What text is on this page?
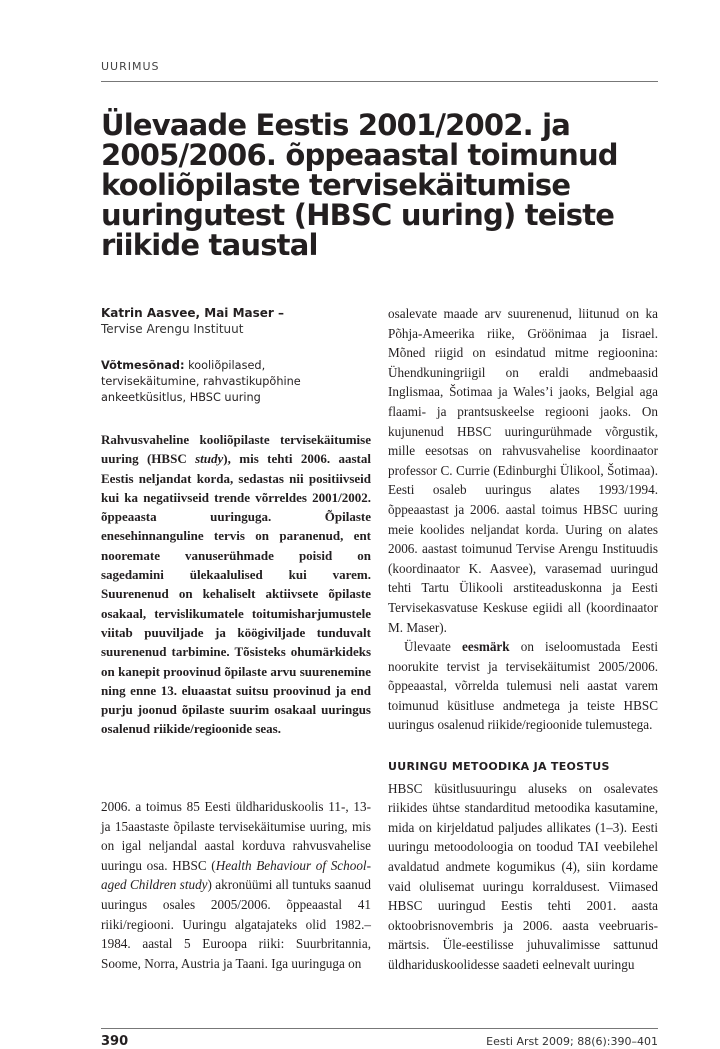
UURIMUS
Ülevaade Eestis 2001/2002. ja 2005/2006. õppeaastal toimunud kooliõpilaste tervisekäitumise uuringutest (HBSC uuring) teiste riikide taustal
Katrin Aasvee, Mai Maser –
Tervise Arengu Instituut
Võtmesõnad: kooliõpilased, tervisekäitumine, rahvastikupõhine ankeetküsitlus, HBSC uuring

Rahvusvaheline kooliõpilaste tervisekäitumise uuring (HBSC study), mis tehti 2006. aastal Eestis neljandat korda, sedastas nii positiivseid kui ka negatiivseid trende võrreldes 2001/2002. õppeaasta uuringuga. Õpilaste enesehinnanguline tervis on paranenud, ent nooremate vanuserühmade poisid on sagedamini ülekaalulised kui varem. Suurenenud on kehaliselt aktiivsete õpilaste osakaal, tervislikumatele toitumisharjumustele viitab puuviljade ja köögiviljade tunduvalt suurenenud tarbimine. Tõsisteks ohumärkideks on kanepit proovinud õpilaste arvu suurenemine ning enne 13. eluaastat suitsu proovinud ja end purju joonud õpilaste suurim osakaal uuringus osalenud riikide/regioonide seas.

2006. a toimus 85 Eesti üldhariduskoolis 11-, 13- ja 15aastaste õpilaste tervisekäitumise uuring, mis on igal neljandal aastal korduva rahvusvahelise uuringu osa. HBSC (Health Behaviour of School-aged Children study) akronüümi all tuntuks saanud uuringus osales 2005/2006. õppeaastal 41 riiki/regiooni. Uuringu algatajateks olid 1982.–1984. aastal 5 Euroopa riiki: Suurbritannia, Soome, Norra, Austria ja Taani. Iga uuringuga on

osalevate maade arv suurenenud, liitunud on ka Põhja-Ameerika riike, Gröönimaa ja Iisrael. Mõned riigid on esindatud mitme regioonina: Ühendkuningriigil on eraldi andmebaasid Inglismaa, Šotimaa ja Wales’i jaoks, Belgial aga flaami- ja prantsuskeelse regiooni jaoks. On kujunenud HBSC uuringurühmade võrgustik, mille eesotsas on rahvusvahelise koordinaator professor C. Currie (Edinburghi Ülikool, Šotimaa). Eesti osaleb uuringus alates 1993/1994. õppeaastast ja 2006. aastal toimus HBSC uuring meie koolides neljandat korda. Uuring on alates 2006. aastast toimunud Tervise Arengu Instituudis (koordinaator K. Aasvee), varasemad uuringud tehti Tartu Ülikooli arstiteaduskonna ja Eesti Tervisekasvatuse Keskuse egiidi all (koordinaator M. Maser).

Ülevaate eesmärk on iseloomustada Eesti noorukite tervist ja tervisekäitumist 2005/2006. õppeaastal, võrrelda tulemusi neli aastat varem toimunud küsitluse andmetega ja teiste HBSC uuringus osalenud riikide/regioonide tulemustega.

UURINGU METOODIKA JA TEOSTUS

HBSC küsitlusuuringu aluseks on osalevates riikides ühtse standarditud metoodika kasutamine, mida on kirjeldatud paljudes allikates (1–3). Eesti uuringu metoodoloogia on toodud TAI veebilehel avaldatud andmete kogumikus (4), siin kordame vaid olulisemat uuringu korraldusest. Viimased HBSC uuringud Eestis tehti 2001. aasta oktoobrisnovembris ja 2006. aasta veebruaris-märtsis. Üle-eestilisse juhuvalimisse sattunud üldhariduskoolidesse saadeti eelnevalt uuringu

390	Eesti Arst 2009; 88(6):390–401
